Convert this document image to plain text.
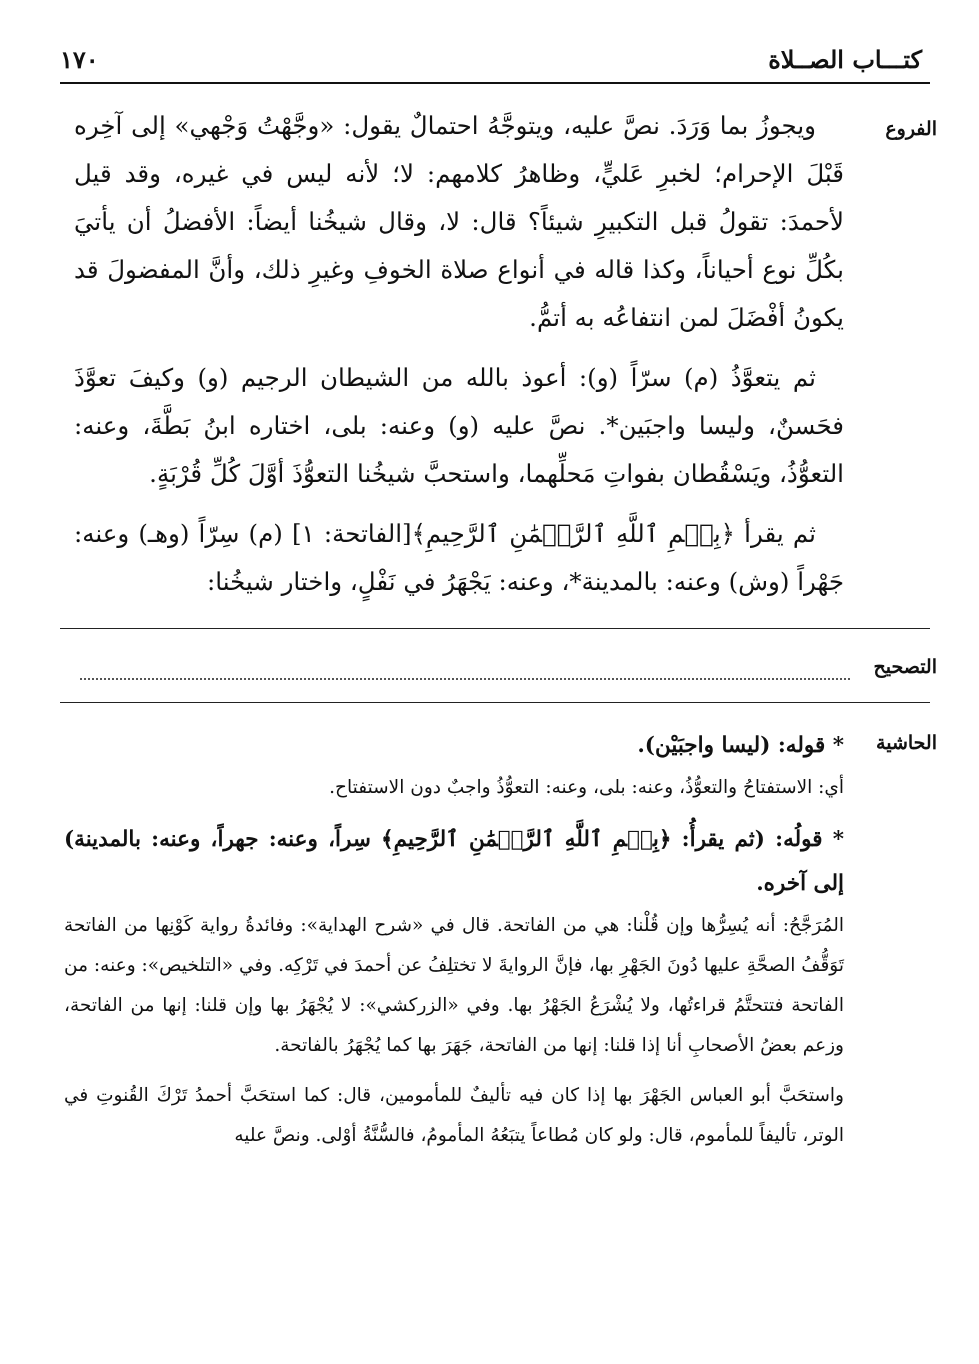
١٧٠	كتـــاب الصــلاة
الفروع

ويجوزُ بما وَرَدَ. نصَّ عليه، ويتوجَّهُ احتمالٌ يقول: «وجَّهْتُ وَجْهي» إلى آخِره قَبْلَ الإحرام؛ لخبرِ عَليٍّ، وظاهرُ كلامهم: لا؛ لأنه ليس في غيره، وقد قيل لأحمدَ: تقولُ قبل التكبيرِ شيئاً؟ قال: لا، وقال شيخُنا أيضاً: الأفضلُ أن يأتيَ بكُلِّ نوع أحياناً، وكذا قاله في أنواع صلاة الخوفِ وغيرِ ذلك، وأنَّ المفضولَ قد يكونُ أفْضَلَ لمن انتفاعُه به أتمُّ.

ثم يتعوَّذُ (م) سرّاً (و): أعوذ بالله من الشيطان الرجيم (و) وكيفَ تعوَّذَ فحَسنٌ، وليسا واجبَين*. نصَّ عليه (و) وعنه: بلى، اختاره ابنُ بَطَّةَ، وعنه: التعوُّذُ، ويَسْقُطان بفواتِ مَحلِّهما، واستحبَّ شيخُنا التعوُّذَ أوَّلَ كُلِّ قُرْبَةٍ.

ثم يقرأ ﴿بِسۡمِ ٱللَّهِ ٱلرَّحۡمَٰنِ ٱلرَّحِيمِ﴾[الفاتحة: ١] (م) سِرّاً (وهـ) وعنه: جَهْراً (وش) وعنه: بالمدينة*، وعنه: يَجْهَرُ في نَفْلٍ، واختار شيخُنا:

التصحيح
الحاشية

* قوله: (ليسا واجبَيْن).

أي: الاستفتاحُ والتعوُّذُ، وعنه: بلى، وعنه: التعوُّذُ واجبٌ دون الاستفتاح.

* قولُه: (ثم يقرأُ: ﴿بِسۡمِ ٱللَّهِ ٱلرَّحۡمَٰنِ ٱلرَّحِيمِ﴾ سِراً، وعنه: جهراً، وعنه: بالمدينة) إلى آخره.

المُرَجَّحُ: أنه يُسِرُّها وإن قُلْنا: هي من الفاتحة. قال في «شرح الهداية»: وفائدةُ رواية كَوْنِها من الفاتحة تَوَقُّفُ الصحَّةِ عليها دُونَ الجَهْرِ بها، فإنَّ الروايةَ لا تختلِفُ عن أحمدَ في تَرْكِه. وفي «التلخيص»: وعنه: من الفاتحة فتتحتَّمُ قراءتُها، ولا يُشْرَعُ الجَهْرُ بها. وفي «الزركشي»: لا يُجْهَرُ بها وإن قلنا: إنها من الفاتحة، وزعم بعضُ الأصحابِ أنا إذا قلنا: إنها من الفاتحة، جَهَرَ بها كما يُجْهَرُ بالفاتحة.

واستحَبَّ أبو العباس الجَهْرَ بها إذا كان فيه تأليفٌ للمأمومين، قال: كما استحَبَّ أحمدُ تَرْكَ القُنوتِ في الوتر، تأليفاً للمأموم، قال: ولو كان مُطاعاً يتبَعُهُ المأمومُ، فالسُّنَّةُ أوْلى. ونصَّ عليه
